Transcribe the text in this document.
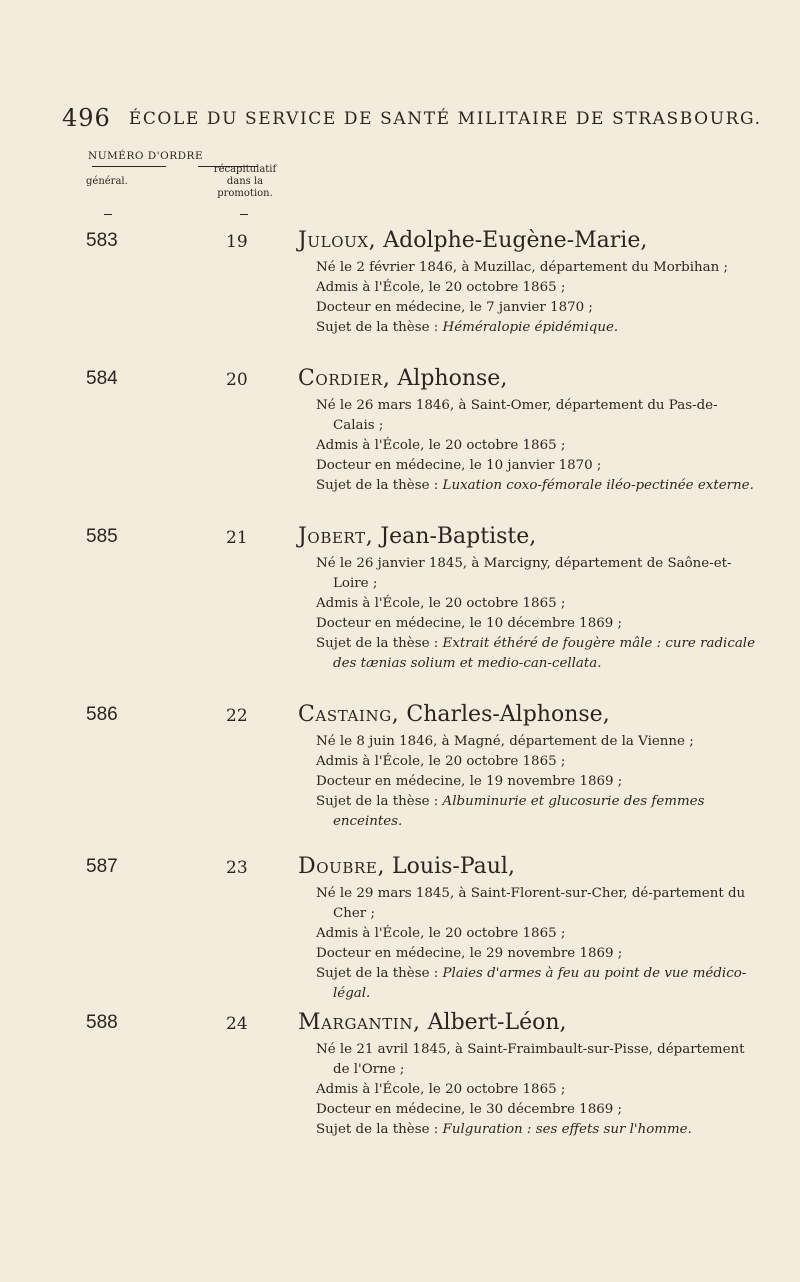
496 ÉCOLE DU SERVICE DE SANTÉ MILITAIRE DE STRASBOURG.
NUMÉRO D'ORDRE
général.
récapitulatif
dans la
promotion.
583	19 Juloux, Adolphe-Eugène-Marie,

Né le 2 février 1846, à Muzillac, département du Morbihan ;

Admis à l'École, le 20 octobre 1865 ;

Docteur en médecine, le 7 janvier 1870 ;

Sujet de la thèse : Héméralopie épidémique.

584	20 Cordier, Alphonse,

Né le 26 mars 1846, à Saint-Omer, département du Pas-de-Calais ;

Admis à l'École, le 20 octobre 1865 ;

Docteur en médecine, le 10 janvier 1870 ;

Sujet de la thèse : Luxation coxo-fémorale iléo-pectinée externe.

585	21 Jobert, Jean-Baptiste,

Né le 26 janvier 1845, à Marcigny, département de Saône-et-Loire ;

Admis à l'École, le 20 octobre 1865 ;

Docteur en médecine, le 10 décembre 1869 ;

Sujet de la thèse : Extrait éthéré de fougère mâle : cure radicale des tænias solium et medio-can-cellata.

586	22 Castaing, Charles-Alphonse,

Né le 8 juin 1846, à Magné, département de la Vienne ;

Admis à l'École, le 20 octobre 1865 ;

Docteur en médecine, le 19 novembre 1869 ;

Sujet de la thèse : Albuminurie et glucosurie des femmes enceintes.

587	23 Doubre, Louis-Paul,

Né le 29 mars 1845, à Saint-Florent-sur-Cher, dé-partement du Cher ;

Admis à l'École, le 20 octobre 1865 ;

Docteur en médecine, le 29 novembre 1869 ;

Sujet de la thèse : Plaies d'armes à feu au point de vue médico-légal.

588	24 Margantin, Albert-Léon,

Né le 21 avril 1845, à Saint-Fraimbault-sur-Pisse, département de l'Orne ;

Admis à l'École, le 20 octobre 1865 ;

Docteur en médecine, le 30 décembre 1869 ;

Sujet de la thèse : Fulguration : ses effets sur l'homme.
